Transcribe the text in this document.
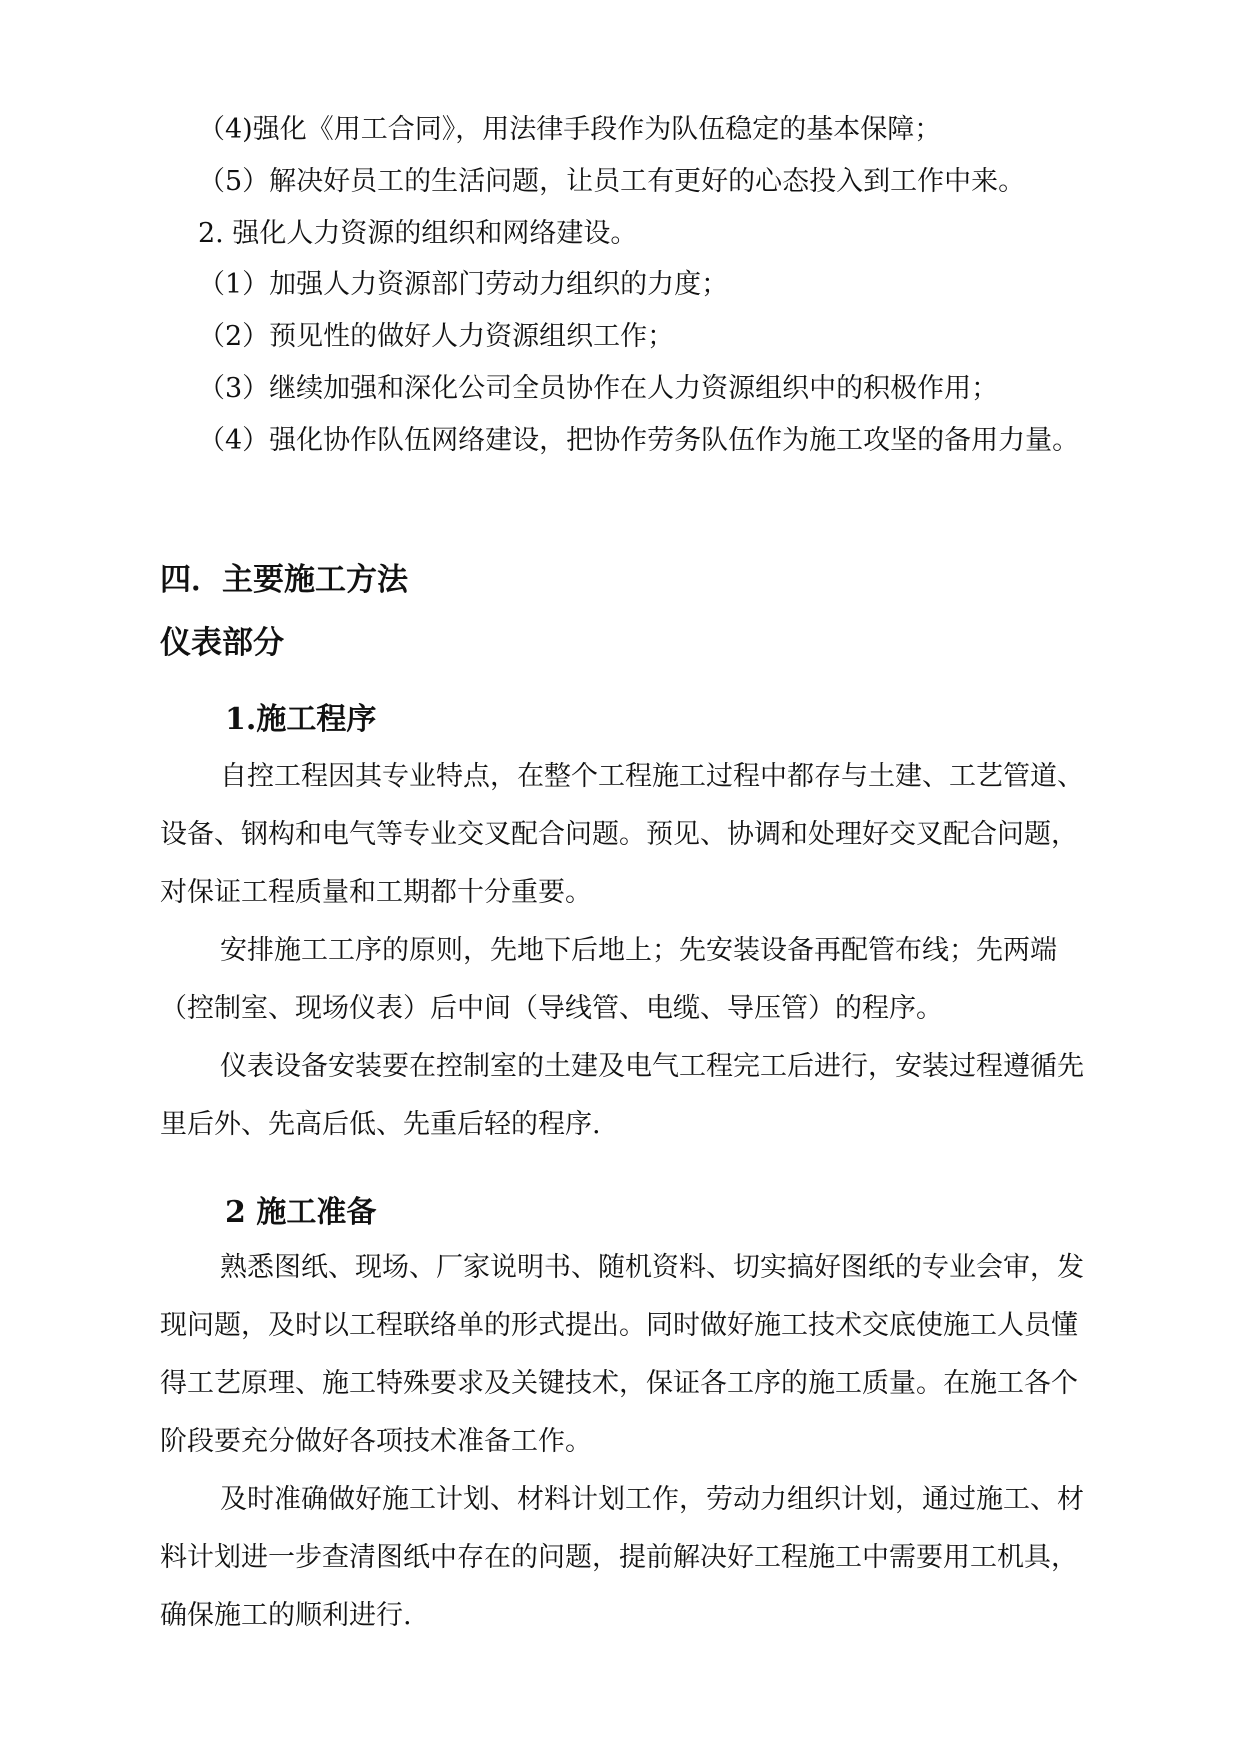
（4)强化《用工合同》，用法律手段作为队伍稳定的基本保障；
（5）解决好员工的生活问题，让员工有更好的心态投入到工作中来。
2. 强化人力资源的组织和网络建设。
（1）加强人力资源部门劳动力组织的力度；
（2）预见性的做好人力资源组织工作；
（3）继续加强和深化公司全员协作在人力资源组织中的积极作用；
（4）强化协作队伍网络建设，把协作劳务队伍作为施工攻坚的备用力量。
四．主要施工方法
仪表部分
1.施工程序
自控工程因其专业特点，在整个工程施工过程中都存与土建、工艺管道、
设备、钢构和电气等专业交叉配合问题。预见、协调和处理好交叉配合问题，
对保证工程质量和工期都十分重要。
安排施工工序的原则，先地下后地上；先安装设备再配管布线；先两端
（控制室、现场仪表）后中间（导线管、电缆、导压管）的程序。
仪表设备安装要在控制室的土建及电气工程完工后进行，安装过程遵循先
里后外、先高后低、先重后轻的程序.
2 施工准备
熟悉图纸、现场、厂家说明书、随机资料、切实搞好图纸的专业会审，发
现问题，及时以工程联络单的形式提出。同时做好施工技术交底使施工人员懂
得工艺原理、施工特殊要求及关键技术，保证各工序的施工质量。在施工各个
阶段要充分做好各项技术准备工作。
及时准确做好施工计划、材料计划工作，劳动力组织计划，通过施工、材
料计划进一步查清图纸中存在的问题，提前解决好工程施工中需要用工机具，
确保施工的顺利进行.
